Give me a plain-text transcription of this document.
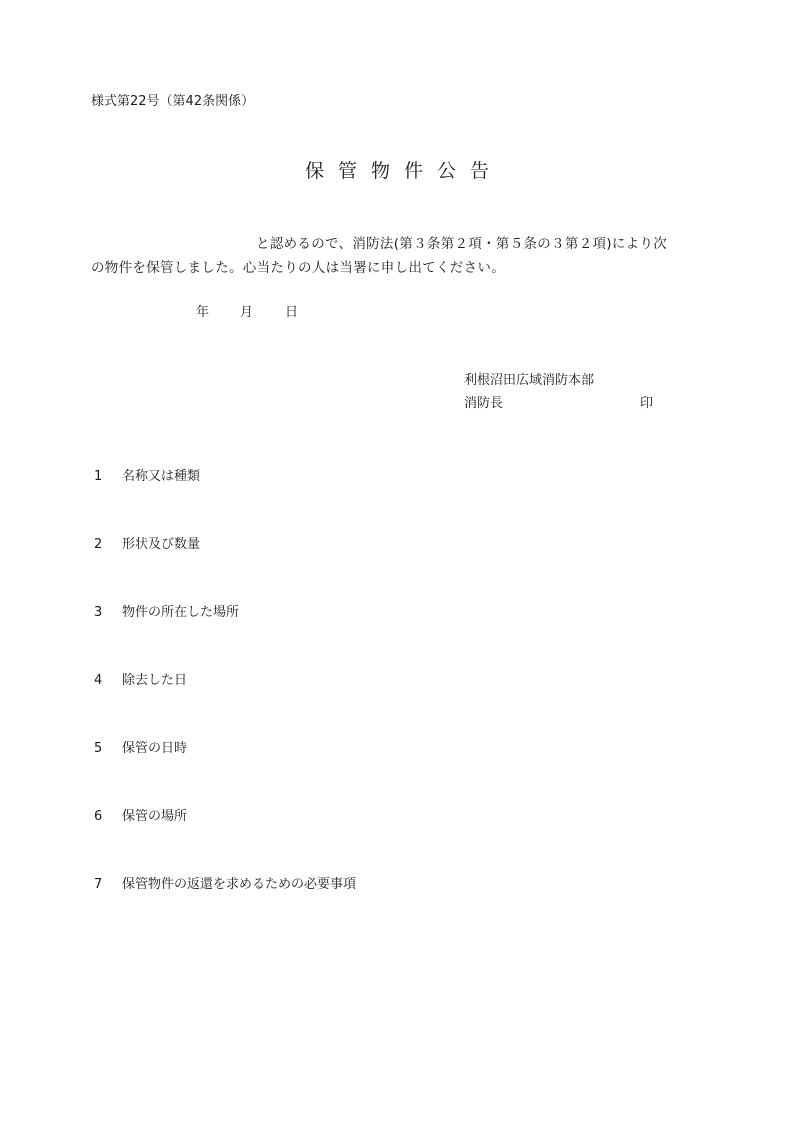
様式第22号（第42条関係）
保管物件公告
と認めるので、消防法(第３条第２項・第５条の３第２項)により次
の物件を保管しました。心当たりの人は当署に申し出てください。
年 月 日
利根沼田広域消防本部
消防長	印
1	名称又は種類
2	形状及び数量
3	物件の所在した場所
4	除去した日
5	保管の日時
6	保管の場所
7	保管物件の返還を求めるための必要事項
